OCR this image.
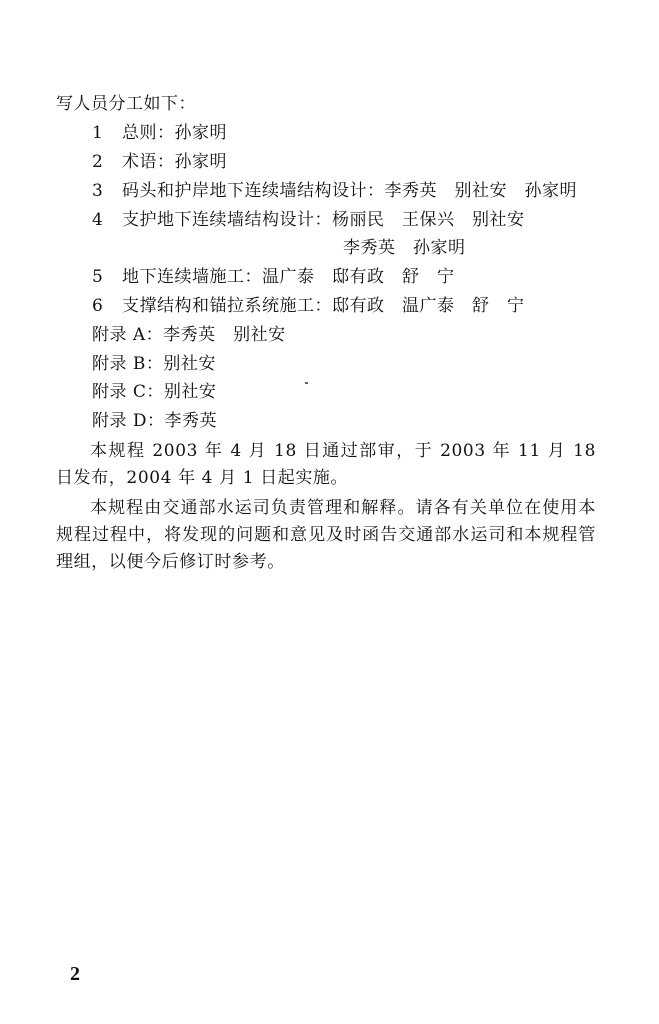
写人员分工如下：
1 总则：孙家明
2 术语：孙家明
3 码头和护岸地下连续墙结构设计：李秀英　别社安　孙家明
4 支护地下连续墙结构设计：杨丽民　王保兴　别社安
李秀英　孙家明
5 地下连续墙施工：温广泰　邸有政　舒　宁
6 支撑结构和锚拉系统施工：邸有政　温广泰　舒　宁
附录 A：李秀英　别社安
附录 B：别社安
附录 C：别社安
附录 D：李秀英
本规程 2003 年 4 月 18 日通过部审，于 2003 年 11 月 18 日发布，2004 年 4 月 1 日起实施。
本规程由交通部水运司负责管理和解释。请各有关单位在使用本规程过程中，将发现的问题和意见及时函告交通部水运司和本规程管理组，以便今后修订时参考。
2
